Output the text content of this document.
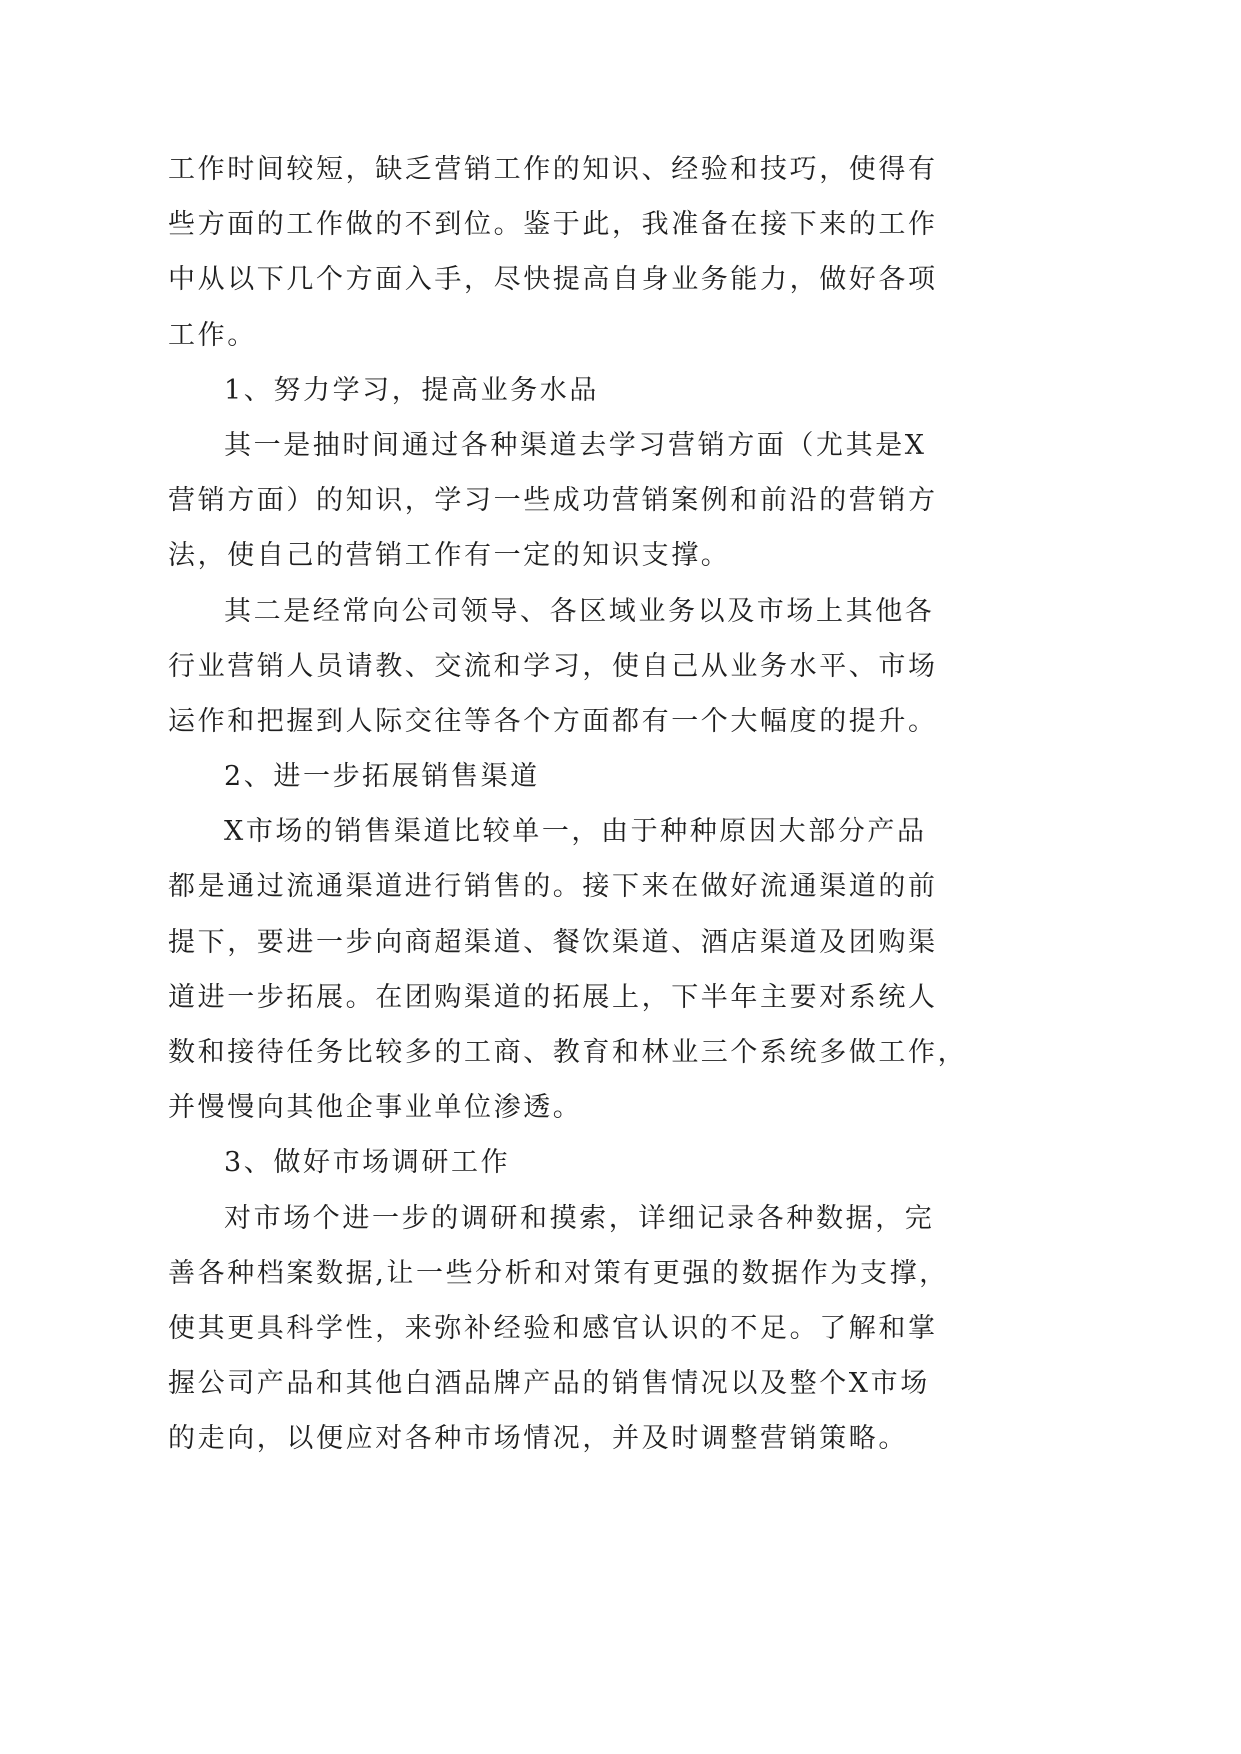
工作时间较短，缺乏营销工作的知识、经验和技巧，使得有
些方面的工作做的不到位。鉴于此，我准备在接下来的工作
中从以下几个方面入手，尽快提高自身业务能力，做好各项
工作。
1、努力学习，提高业务水品
其一是抽时间通过各种渠道去学习营销方面（尤其是X
营销方面）的知识，学习一些成功营销案例和前沿的营销方
法，使自己的营销工作有一定的知识支撑。
其二是经常向公司领导、各区域业务以及市场上其他各
行业营销人员请教、交流和学习，使自己从业务水平、市场
运作和把握到人际交往等各个方面都有一个大幅度的提升。
2、进一步拓展销售渠道
X市场的销售渠道比较单一，由于种种原因大部分产品
都是通过流通渠道进行销售的。接下来在做好流通渠道的前
提下，要进一步向商超渠道、餐饮渠道、酒店渠道及团购渠
道进一步拓展。在团购渠道的拓展上，下半年主要对系统人
数和接待任务比较多的工商、教育和林业三个系统多做工作，
并慢慢向其他企事业单位渗透。
3、做好市场调研工作
对市场个进一步的调研和摸索，详细记录各种数据，完
善各种档案数据,让一些分析和对策有更强的数据作为支撑，
使其更具科学性，来弥补经验和感官认识的不足。了解和掌
握公司产品和其他白酒品牌产品的销售情况以及整个X市场
的走向，以便应对各种市场情况，并及时调整营销策略。
